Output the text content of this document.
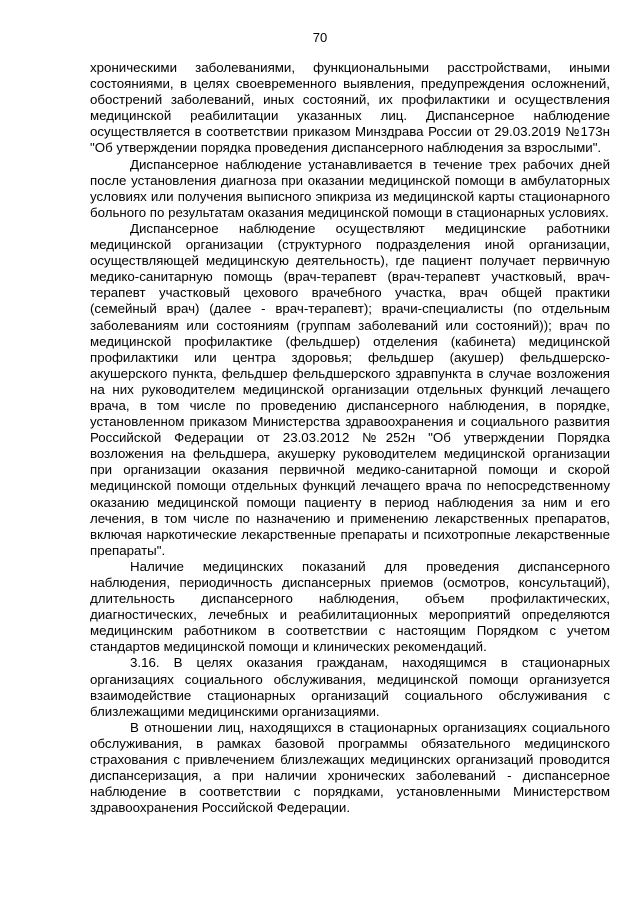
70

хроническими заболеваниями, функциональными расстройствами, иными состояниями, в целях своевременного выявления, предупреждения осложнений, обострений заболеваний, иных состояний, их профилактики и осуществления медицинской реабилитации указанных лиц. Диспансерное наблюдение осуществляется в соответствии приказом Минздрава России от 29.03.2019 №173н "Об утверждении порядка проведения диспансерного наблюдения за взрослыми".

Диспансерное наблюдение устанавливается в течение трех рабочих дней после установления диагноза при оказании медицинской помощи в амбулаторных условиях или получения выписного эпикриза из медицинской карты стационарного больного по результатам оказания медицинской помощи в стационарных условиях.

Диспансерное наблюдение осуществляют медицинские работники медицинской организации (структурного подразделения иной организации, осуществляющей медицинскую деятельность), где пациент получает первичную медико-санитарную помощь (врач-терапевт (врач-терапевт участковый, врач-терапевт участковый цехового врачебного участка, врач общей практики (семейный врач) (далее - врач-терапевт); врачи-специалисты (по отдельным заболеваниям или состояниям (группам заболеваний или состояний)); врач по медицинской профилактике (фельдшер) отделения (кабинета) медицинской профилактики или центра здоровья; фельдшер (акушер) фельдшерско-акушерского пункта, фельдшер фельдшерского здравпункта в случае возложения на них руководителем медицинской организации отдельных функций лечащего врача, в том числе по проведению диспансерного наблюдения, в порядке, установленном приказом Министерства здравоохранения и социального развития Российской Федерации от 23.03.2012 №252н "Об утверждении Порядка возложения на фельдшера, акушерку руководителем медицинской организации при организации оказания первичной медико-санитарной помощи и скорой медицинской помощи отдельных функций лечащего врача по непосредственному оказанию медицинской помощи пациенту в период наблюдения за ним и его лечения, в том числе по назначению и применению лекарственных препаратов, включая наркотические лекарственные препараты и психотропные лекарственные препараты".

Наличие медицинских показаний для проведения диспансерного наблюдения, периодичность диспансерных приемов (осмотров, консультаций), длительность диспансерного наблюдения, объем профилактических, диагностических, лечебных и реабилитационных мероприятий определяются медицинским работником в соответствии с настоящим Порядком с учетом стандартов медицинской помощи и клинических рекомендаций.

3.16. В целях оказания гражданам, находящимся в стационарных организациях социального обслуживания, медицинской помощи организуется взаимодействие стационарных организаций социального обслуживания с близлежащими медицинскими организациями.

В отношении лиц, находящихся в стационарных организациях социального обслуживания, в рамках базовой программы обязательного медицинского страхования с привлечением близлежащих медицинских организаций проводится диспансеризация, а при наличии хронических заболеваний - диспансерное наблюдение в соответствии с порядками, установленными Министерством здравоохранения Российской Федерации.
